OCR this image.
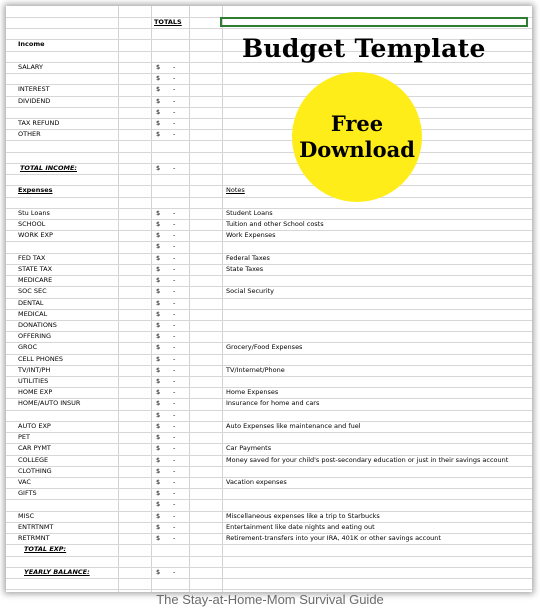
Income
SALARY	$ -
$ -
INTEREST	$ -
DIVIDEND	$ -
$ -
TAX REFUND	$ -
OTHER	$ -
TOTAL INCOME:	$ -
Expenses	Notes
Stu Loans	$ -	Student Loans
SCHOOL	$ -	Tuition and other School costs
WORK EXP	$ -	Work Expenses
$ -
FED TAX	$ -	Federal Taxes
STATE TAX	$ -	State Taxes
MEDICARE	$ -
SOC SEC	$ -	Social Security
DENTAL	$ -
MEDICAL	$ -
DONATIONS	$ -
OFFERING	$ -
GROC	$ -	Grocery/Food Expenses
CELL PHONES	$ -
TV/INT/PH	$ -	TV/Internet/Phone
UTILITIES	$ -
HOME EXP	$ -	Home Expenses
HOME/AUTO INSUR	$ -	Insurance for home and cars
$ -
AUTO EXP	$ -	Auto Expenses like maintenance and fuel
PET	$ -
CAR PYMT	$ -	Car Payments
COLLEGE	$ -	Money saved for your child's post-secondary education or just in their savings account
CLOTHING	$ -
VAC	$ -	Vacation expenses
GIFTS	$ -
$ -
MISC	$ -	Miscellaneous expenses like a trip to Starbucks
ENTRTNMT	$ -	Entertainment like date nights and eating out
RETRMNT	$ -	Retirement-transfers into your IRA, 401K or other savings account
TOTAL EXP:
YEARLY BALANCE:	$ -
TOTALS
Budget Template
Free
Download
The Stay-at-Home-Mom Survival Guide
